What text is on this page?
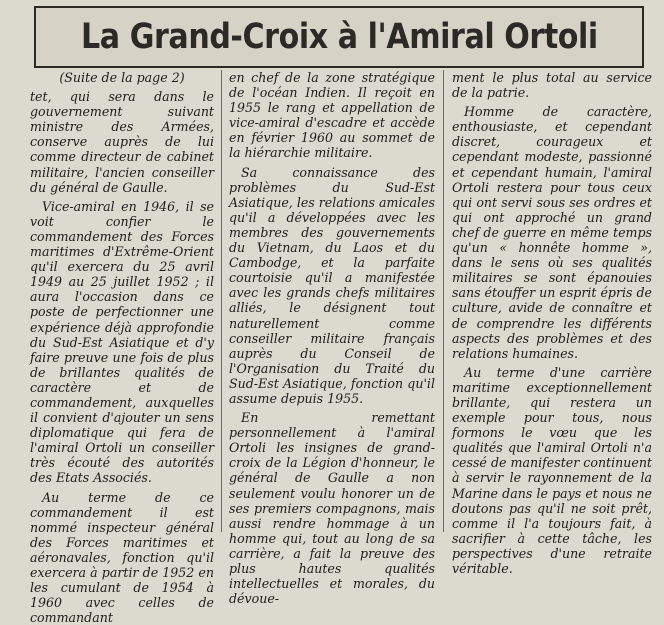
La Grand-Croix à l'Amiral Ortoli

(Suite de la page 2)

tet, qui sera dans le gouvernement suivant ministre des Armées, conserve auprès de lui comme directeur de cabinet militaire, l'ancien conseiller du général de Gaulle.

Vice-amiral en 1946, il se voit confier le commandement des Forces maritimes d'Extrême-Orient qu'il exercera du 25 avril 1949 au 25 juillet 1952 ; il aura l'occasion dans ce poste de perfectionner une expérience déjà approfondie du Sud-Est Asiatique et d'y faire preuve une fois de plus de brillantes qualités de caractère et de commandement, auxquelles il convient d'ajouter un sens diplomatique qui fera de l'amiral Ortoli un conseiller très écouté des autorités des Etats Associés.

Au terme de ce commandement il est nommé inspecteur général des Forces maritimes et aéronavales, fonction qu'il exercera à partir de 1952 en les cumulant de 1954 à 1960 avec celles de commandant

en chef de la zone stratégique de l'océan Indien. Il reçoit en 1955 le rang et appellation de vice-amiral d'escadre et accède en février 1960 au sommet de la hiérarchie militaire.

Sa connaissance des problèmes du Sud-Est Asiatique, les relations amicales qu'il a développées avec les membres des gouvernements du Vietnam, du Laos et du Cambodge, et la parfaite courtoisie qu'il a manifestée avec les grands chefs militaires alliés, le désignent tout naturellement comme conseiller militaire français auprès du Conseil de l'Organisation du Traité du Sud-Est Asiatique, fonction qu'il assume depuis 1955.

En remettant personnellement à l'amiral Ortoli les insignes de grand-croix de la Légion d'honneur, le général de Gaulle a non seulement voulu honorer un de ses premiers compagnons, mais aussi rendre hommage à un homme qui, tout au long de sa carrière, a fait la preuve des plus hautes qualités intellectuelles et morales, du dévoue-

ment le plus total au service de la patrie.

Homme de caractère, enthousiaste, et cependant discret, courageux et cependant modeste, passionné et cependant humain, l'amiral Ortoli restera pour tous ceux qui ont servi sous ses ordres et qui ont approché un grand chef de guerre en même temps qu'un « honnête homme », dans le sens où ses qualités militaires se sont épanouies sans étouffer un esprit épris de culture, avide de connaître et de comprendre les différents aspects des problèmes et des relations humaines.

Au terme d'une carrière maritime exceptionnellement brillante, qui restera un exemple pour tous, nous formons le vœu que les qualités que l'amiral Ortoli n'a cessé de manifester continuent à servir le rayonnement de la Marine dans le pays et nous ne doutons pas qu'il ne soit prêt, comme il l'a toujours fait, à sacrifier à cette tâche, les perspectives d'une retraite véritable.
